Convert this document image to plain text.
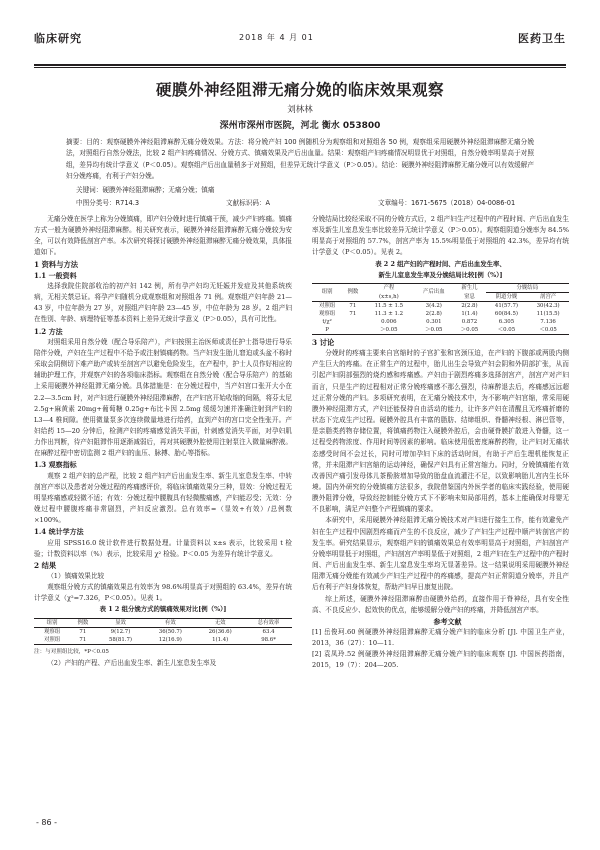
临床研究	2018 年 4 月 01	医药卫生
硬膜外神经阻滞无痛分娩的临床效果观察
刘林林
深州市深州市医院，河北 衡水 053800
摘要：目的：观察硬膜外神经阻滞麻醉无痛分娩效果。方法：将分娩产妇 100 例随机分为观察组和对照组各 50 例，观察组采用硬膜外神经阻滞麻醉无痛分娩法，对照组行自然分娩法，比较 2 组产妇疼痛情况、分娩方式、镇痛效果及产后出血量。结果：观察组产妇疼痛情况明显优于对照组，自然分娩率明显高于对照组，差异均有统计学意义（P＜0.05）。观察组产后出血量稍多于对照组，但差异无统计学意义（P＞0.05）。结论：硬膜外神经阻滞麻醉无痛分娩可以有效缓解产妇分娩疼痛，有利于产妇分娩。
关键词：硬膜外神经阻滞麻醉；无痛分娩；镇痛
中图分类号：R714.3	文献标识码：A	文章编号：1671-5675（2018）04-0086-01

无痛分娩在医学上称为分娩镇痛，即产妇分娩时进行镇痛干预，减少产妇疼痛。镇痛方式一般为硬膜外神经阻滞麻醉。相关研究表示，硬膜外神经阻滞麻醉无痛分娩较为安全，可以有效降低剖宫产率。本次研究将探讨硬膜外神经阻滞麻醉无痛分娩效果，具体报道如下。

1 资料与方法

1.1 一般资料

选择我院住院部收治的初产妇 142 例，所有孕产妇均无妊娠并发症及其他系统疾病，无相关禁忌证。将孕产妇随机分成观察组和对照组各 71 例。观察组产妇年龄 21—43 岁，中位年龄为 27 岁，对照组产妇年龄 23—45 岁，中位年龄为 28 岁。2 组产妇在性别、年龄、病理特征等基本资料上差异无统计学意义（P＞0.05），具有可比性。

1.2 方法

对照组采用自然分娩（配合导乐陪产），产妇按照主治医师或责任护士指导进行导乐陪伴分娩，产妇在生产过程中不给予或注射镇痛药物。当产妇发生胎儿窘迫或头盆不称时采取会阴侧切下难产助产或转至剖宫产以避免危险发生，在产程中，护士人员作好相应的辅助护理工作，并观察产妇的各项临床指标。观察组在自然分娩（配合导乐陪产）的基础上采用硬膜外神经阻滞无痛分娩。具体措施是：在分娩过程中，当产妇宫口张开大小在 2.2—3.5cm 时，对产妇进行硬膜外神经阻滞麻醉，在产妇宫开始收缩的间隔，将芬太尼 2.5g+麻黄素 20mg+葡萄糖 0.25g+布比卡因 2.5mg 缓缓匀速并准确注射到产妇的 L3—4 椎间隙。使用微量泵多次连续微量地进行给药，直到产妇的宫口完全性张开。产妇给药 15—20 分钟后，检测产妇的疼痛感觉消失平面，针刺感觉消失平面，对孕妇肌力作出判断，待产妇阻滞作用逐渐减弱后，再对其硬膜外腔使用注射泵注入微量麻醉液。在麻醉过程中密切监测 2 组产妇的血压、脉搏、胎心等指标。

1.3 观察指标

观察 2 组产妇的总产程，比较 2 组产妇产后出血发生率、新生儿室息发生率、中转剖宫产率以及患者对分娩过程的疼痛感评价，将临床镇痛效果分三种，显效：分娩过程无明显疼痛感或轻微不适；有效：分娩过程中腰腹具有轻微酸痛感，产妇能忍受；无效：分娩过程中腰腹疼痛非常剧烈，产妇反应激烈。总有效率=（显效+有效）/总例数×100%。

1.4 统计学方法

应用 SPSS16.0 统计软件进行数据处理。计量资料以 x±s 表示，比较采用 t 检验；计数资料以率（%）表示，比较采用 χ² 检验。P＜0.05 为差异有统计学意义。

2 结果

（1）镇痛效果比较

观察组分娩方式的镇痛效果总有效率为 98.6%明显高于对照组的 63.4%，差异有统计学意义（χ²=7.326，P＜0.05）。见表 1。

表 1 2 组分娩方式的镇痛效果对比[例（%）]

组别	例数	显效	有效	无效	总有效率
观察组	71	9(12.7)	36(50.7)	26(36.6)	63.4
对照组	71	58(81.7)	12(16.9)	1(1.4)	98.6*

注：与对照组比较，*P＜0.05

（2）产妇的产程、产后出血发生率、新生儿室息发生率及

分娩结局比较经采取不同的分娩方式后，2 组产妇生产过程中的产程时间、产后出血发生率及新生儿室息发生率比较差异无统计学意义（P＞0.05）。观察组阴道分娩率为 84.5%明显高于对照组的 57.7%，剖宫产率为 15.5%明显低于对照组的 42.3%，差异均有统计学意义（P＜0.05）。见表 2。

表 2 2 组产妇的产程时间、产后出血发生率、

新生儿室息发生率及分娩结局比较[例（%）]

组别	例数	产程	产后出血	新生儿	分娩结局	
		(x±s,h)		窒息	阴道分娩	剖宫产
对照组	71	11.5 ± 1.5	3(4.2)	2(2.8)	41(57.7)	30(42.3)
观察组	71	11.3 ± 1.2	2(2.8)	1(1.4)	60(84.5)	11(15.5)
t/χ²		0.006	0.301	0.872	6.305	7.136
P		＞0.05	＞0.05	＞0.05	＜0.05	＜0.05

3 讨论

分娩时的疼痛主要来自宫缩时的子宫扩张和宫颈压迫，在产妇的下腹部或两股内侧产生巨大的疼痛。在正常生产的过程中，胎儿出生会导致产妇会阴和外阴部扩张，从而引起产妇阴部强烈的烧灼感和疼痛感。产妇由于剧烈疼痛多选择剖宫产，剖宫产对产妇而言，只是生产的过程相对正常分娩疼痛感不那么强烈，待麻醉退去后，疼痛感远远超过正常分娩的产妇。多项研究表明，在无痛分娩技术中，为不影响产妇宫缩，常采用硬膜外神经阻滞方式，产妇还能保持自由活动的能力，让许多产妇在清醒且无疼痛折磨的状态下完成生产过程。硬膜外腔具有丰富的脂肪、结缔组织、脊髓神经根、淋巴管等，是亲脂类药物存储位置，将镇痛药物注入硬膜外腔后，会由硬脊膜扩散进入脊髓，这一过程受药物浓度、作用时间等因素的影响。临床使用低密度麻醉药物，让产妇对无痛状态感受时间不会过长，同时可增加孕妇下床的活动时间，有助于产后生理机能恢复正常，并未阻滞产妇宫缩的运动神经，确保产妇具有正常宫缩力。同时，分娩镇痛能有效改善因产痛引发母体儿茶酚胺增加导致的胎盘血流灌注不足，以致影响胎儿宫内生长环境。国内外研究的分娩镇痛方法很多，我院借鉴国内外医学者的临床实践经验，使用硬膜外阻滞分娩，导致经控制能分娩方式下不影响未知局部用药，基本上能确保对母婴无不良影响，满足产妇整个产程镇痛的要求。

本研究中，采用硬膜外神经阻滞无痛分娩技术对产妇进行接生工作，能有效避免产妇在生产过程中因剧烈疼痛而产生的不良反应，减少了产妇生产过程中顺产转剖宫产的发生率。研究结果显示，观察组产妇的镇痛效果总有效率明显高于对照组，产妇剖宫产分娩率明显低于对照组，产妇剖宫产率明显低于对照组，2 组产妇在生产过程中的产程时间、产后出血发生率、新生儿窒息发生率均无显著差异。这一结果说明采用硬膜外神经阻滞无痛分娩能有效减少产妇生产过程中的疼痛感，提高产妇正常阴道分娩率，并且产后有利于产妇身体恢复，帮助产妇早日康复出院。

综上所述，硬膜外神经阻滞麻醉由硬膜外给药，直接作用于脊神经，具有安全性高、不良反应少、起效快的优点，能够缓解分娩产妇的疼痛，并降低剖宫产率。

参考文献

[1] 岳俊珂.60 例硬膜外神经阻滞麻醉无痛分娩产妇的临床分析 [J]. 中国卫生产业，2013，36（27）：10—11.

[2] 袁凤玲.52 例硬膜外神经阻滞麻醉无痛分娩产妇的临床观察 [J]. 中国医药指南，2015，19（7）：204—205.

- 86 -
